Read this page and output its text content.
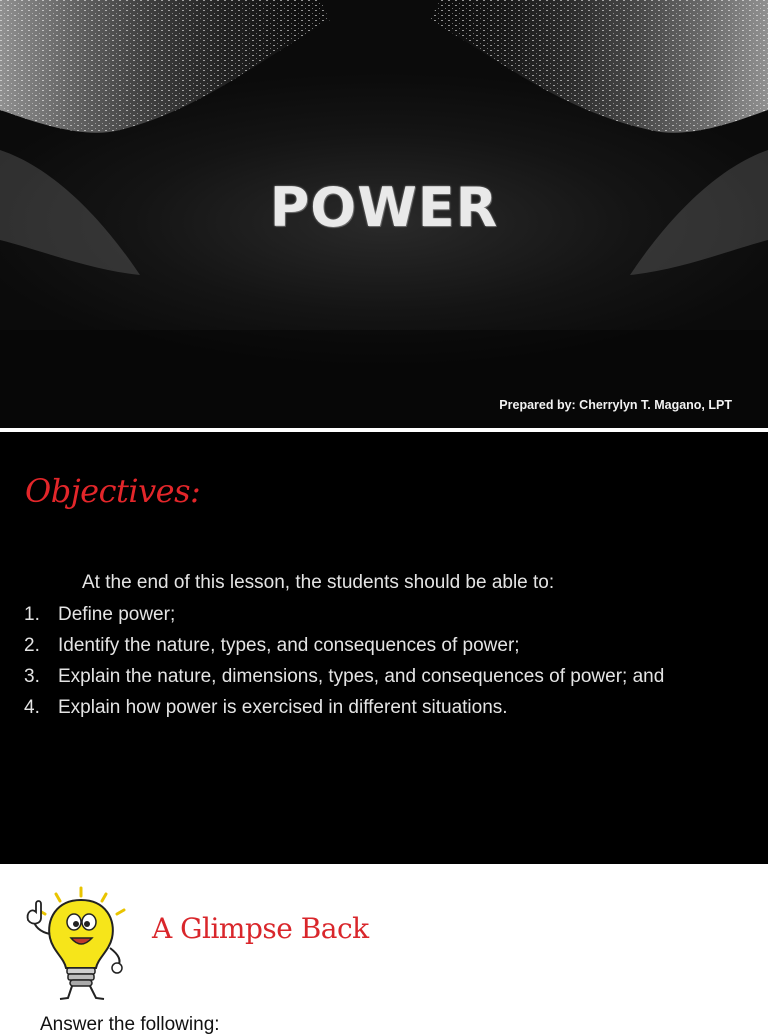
POWER
Prepared by: Cherrylyn T. Magano, LPT
Objectives:
At the end of this lesson, the students should be able to:
1. Define power;
2. Identify the nature, types, and consequences of power;
3. Explain the nature, dimensions, types, and consequences of power; and
4. Explain how power is exercised in different situations.
A Glimpse Back
Answer the following:
